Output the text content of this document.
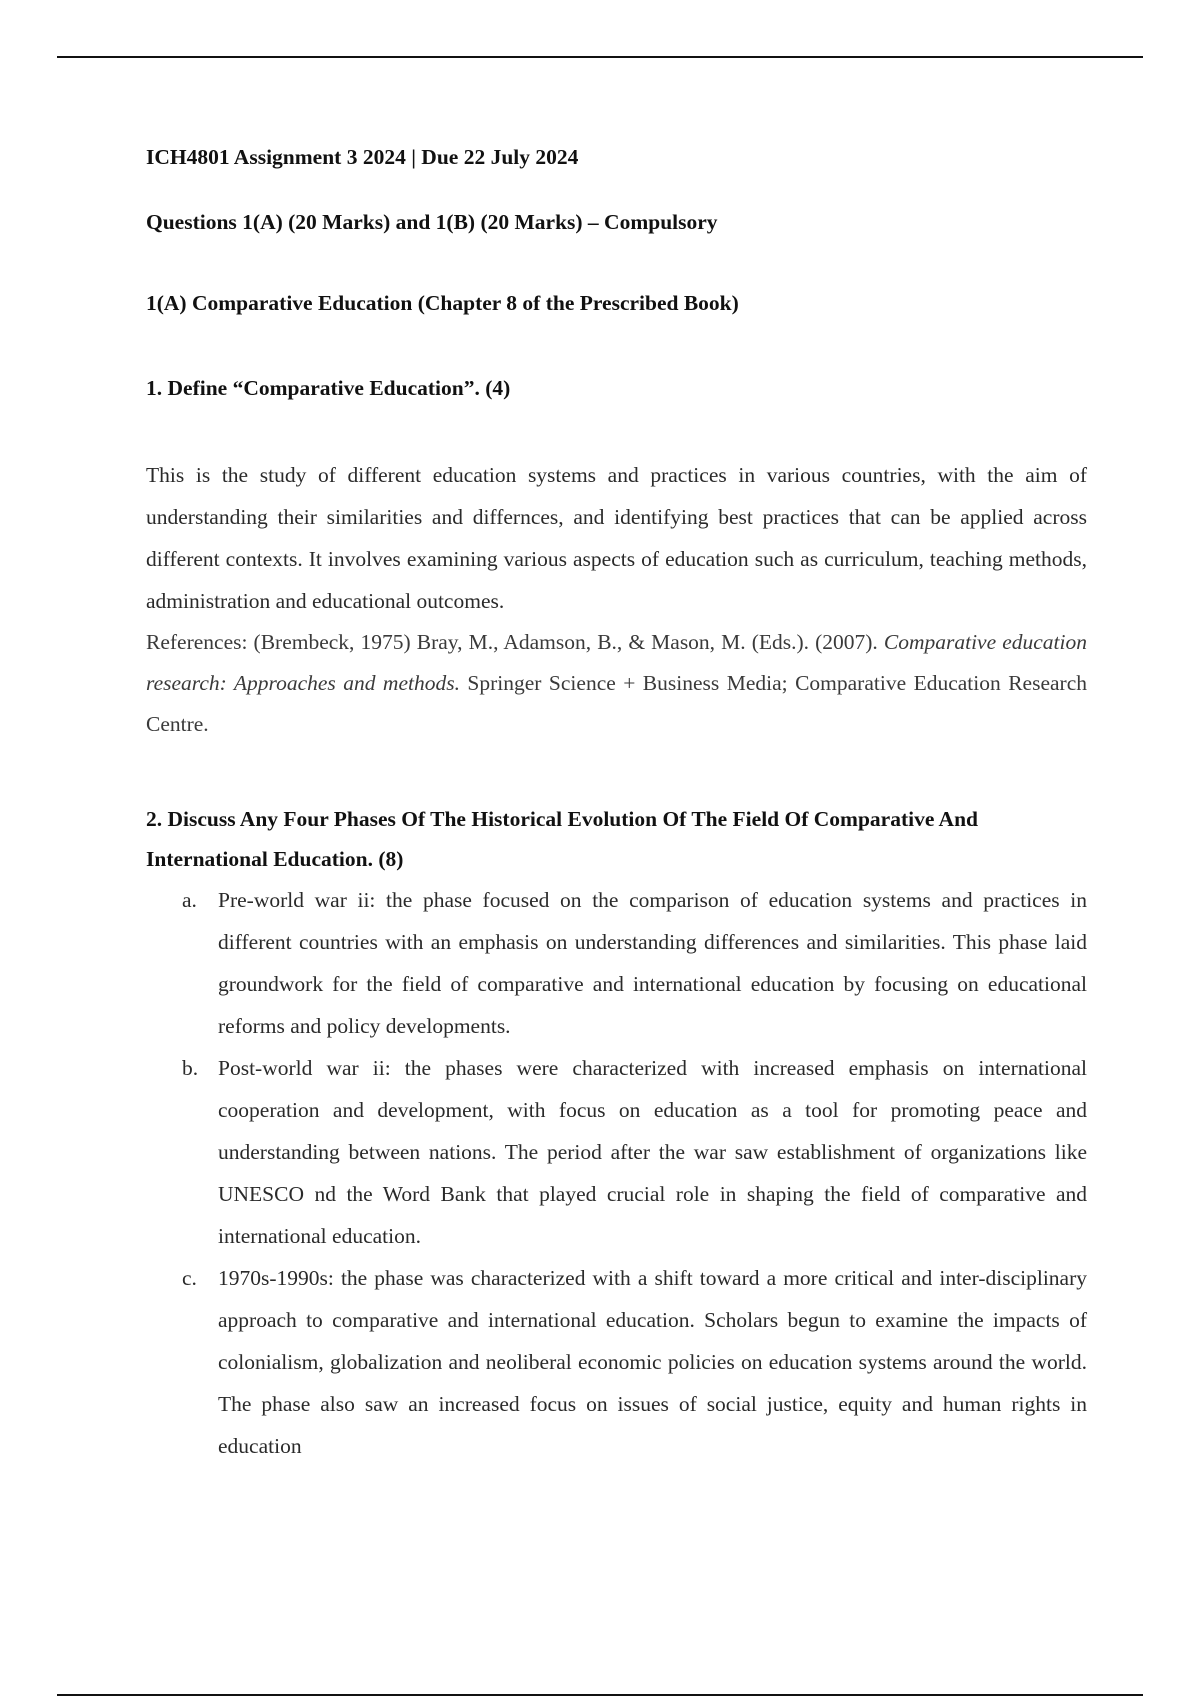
ICH4801 Assignment 3 2024 | Due 22 July 2024

Questions 1(A) (20 Marks) and 1(B) (20 Marks) – Compulsory

1(A) Comparative Education (Chapter 8 of the Prescribed Book)

1. Define “Comparative Education”. (4)

This is the study of different education systems and practices in various countries, with the aim of understanding their similarities and differnces, and identifying best practices that can be applied across different contexts. It involves examining various aspects of education such as curriculum, teaching methods, administration and educational outcomes.

References: (Brembeck, 1975) Bray, M., Adamson, B., & Mason, M. (Eds.). (2007). Comparative education research: Approaches and methods. Springer Science + Business Media; Comparative Education Research Centre.

2. Discuss Any Four Phases Of The Historical Evolution Of The Field Of Comparative And International Education. (8)

a. Pre-world war ii: the phase focused on the comparison of education systems and practices in different countries with an emphasis on understanding differences and similarities. This phase laid groundwork for the field of comparative and international education by focusing on educational reforms and policy developments.
b. Post-world war ii: the phases were characterized with increased emphasis on international cooperation and development, with focus on education as a tool for promoting peace and understanding between nations. The period after the war saw establishment of organizations like UNESCO nd the Word Bank that played crucial role in shaping the field of comparative and international education.
c. 1970s-1990s: the phase was characterized with a shift toward a more critical and inter-disciplinary approach to comparative and international education. Scholars begun to examine the impacts of colonialism, globalization and neoliberal economic policies on education systems around the world. The phase also saw an increased focus on issues of social justice, equity and human rights in education
